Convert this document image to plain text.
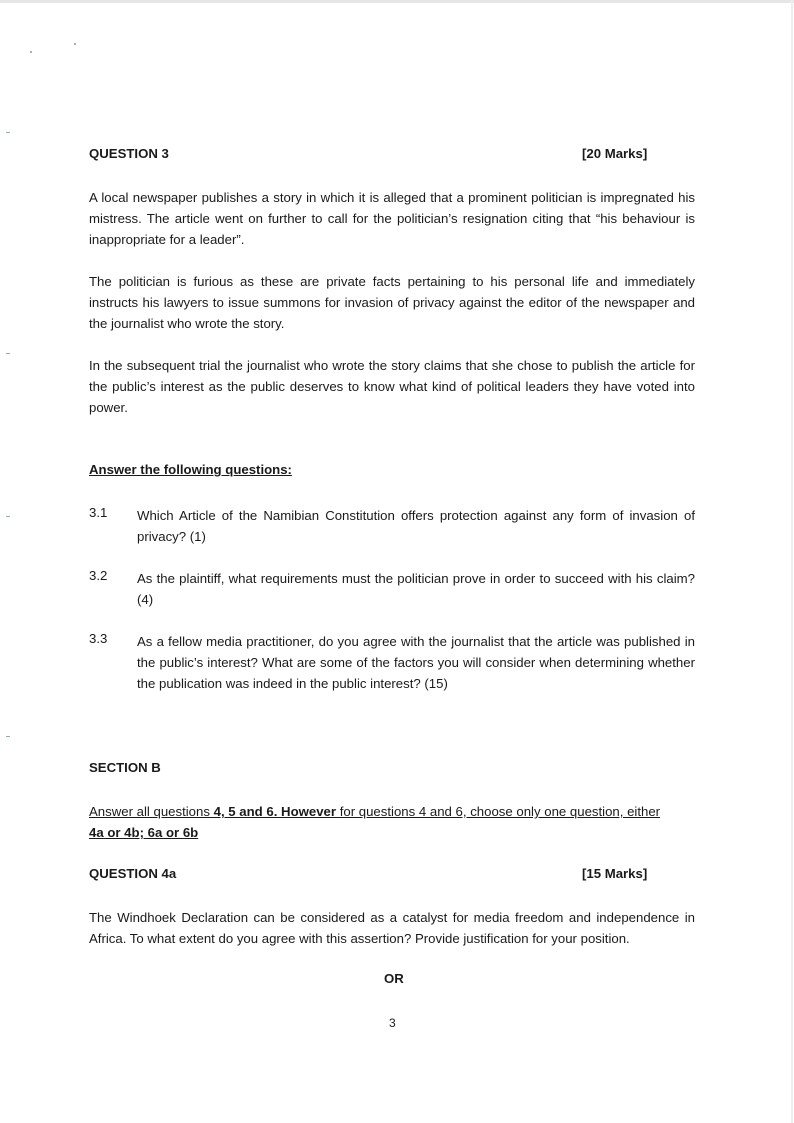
QUESTION 3	[20 Marks]
A local newspaper publishes a story in which it is alleged that a prominent politician is impregnated his mistress. The article went on further to call for the politician’s resignation citing that “his behaviour is inappropriate for a leader”.
The politician is furious as these are private facts pertaining to his personal life and immediately instructs his lawyers to issue summons for invasion of privacy against the editor of the newspaper and the journalist who wrote the story.
In the subsequent trial the journalist who wrote the story claims that she chose to publish the article for the public’s interest as the public deserves to know what kind of political leaders they have voted into power.
Answer the following questions:
3.1 Which Article of the Namibian Constitution offers protection against any form of invasion of privacy? (1)
3.2 As the plaintiff, what requirements must the politician prove in order to succeed with his claim? (4)
3.3 As a fellow media practitioner, do you agree with the journalist that the article was published in the public’s interest? What are some of the factors you will consider when determining whether the publication was indeed in the public interest? (15)
SECTION B
Answer all questions 4, 5 and 6. However for questions 4 and 6, choose only one question, either
4a or 4b; 6a or 6b
QUESTION 4a	[15 Marks]
The Windhoek Declaration can be considered as a catalyst for media freedom and independence in Africa. To what extent do you agree with this assertion? Provide justification for your position.
OR
3
